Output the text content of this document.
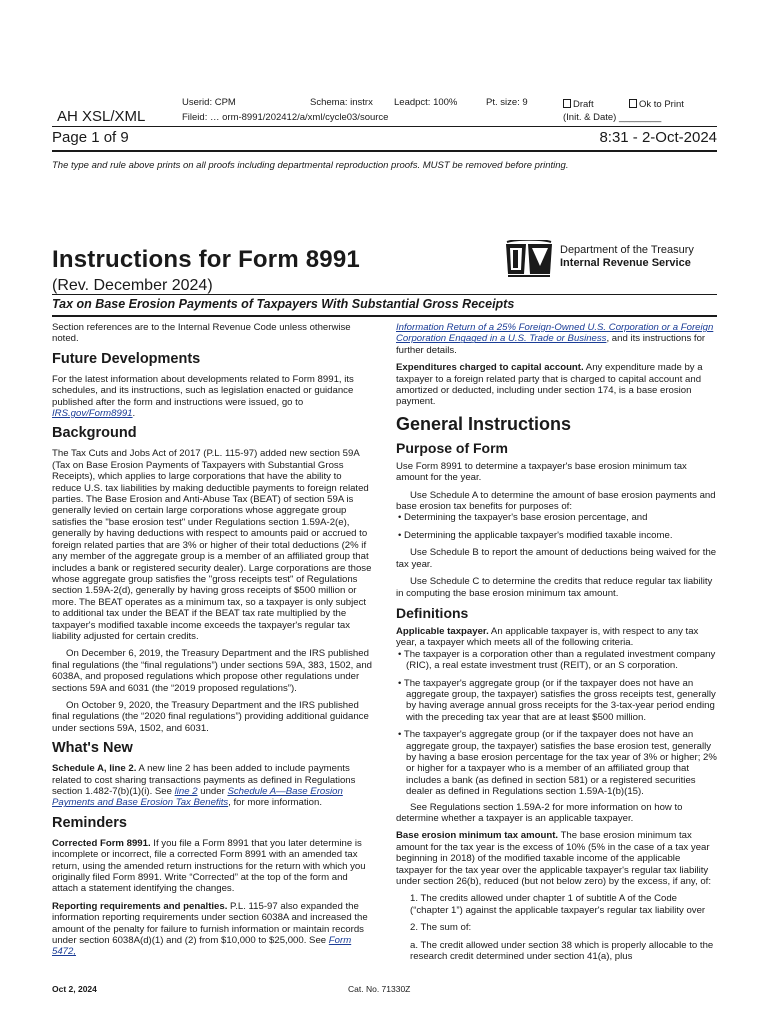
Userid: CPM	Schema: instrx Leadpct: 100%	Pt. size: 9	Draft	Ok to Print
(Init. & Date) ________
AH XSL/XML	Fileid: … orm-8991/202412/a/xml/cycle03/source
Page 1 of 9	8:31 - 2-Oct-2024
The type and rule above prints on all proofs including departmental reproduction proofs. MUST be removed before printing.
Instructions for Form 8991
(Rev. December 2024)
Department of the Treasury
Internal Revenue Service
Tax on Base Erosion Payments of Taxpayers With Substantial Gross Receipts

Section references are to the Internal Revenue Code unless otherwise noted.

Future Developments

For the latest information about developments related to Form 8991, its schedules, and its instructions, such as legislation enacted or guidance published after the form and instructions were issued, go to IRS.gov/Form8991.

Background

The Tax Cuts and Jobs Act of 2017 (P.L. 115-97) added new section 59A (Tax on Base Erosion Payments of Taxpayers with Substantial Gross Receipts), which applies to large corporations that have the ability to reduce U.S. tax liabilities by making deductible payments to foreign related parties. The Base Erosion and Anti-Abuse Tax (BEAT) of section 59A is generally levied on certain large corporations whose aggregate group satisfies the "base erosion test" under Regulations section 1.59A-2(e), generally by having deductions with respect to amounts paid or accrued to foreign related parties that are 3% or higher of their total deductions (2% if any member of the aggregate group is a member of an affiliated group that includes a bank or registered security dealer). Large corporations are those whose aggregate group satisfies the "gross receipts test" of Regulations section 1.59A-2(d), generally by having gross receipts of $500 million or more. The BEAT operates as a minimum tax, so a taxpayer is only subject to additional tax under the BEAT if the BEAT tax rate multiplied by the taxpayer's modified taxable income exceeds the taxpayer's regular tax liability adjusted for certain credits.

On December 6, 2019, the Treasury Department and the IRS published final regulations (the “final regulations”) under sections 59A, 383, 1502, and 6038A, and proposed regulations which propose other regulations under sections 59A and 6031 (the “2019 proposed regulations”).

On October 9, 2020, the Treasury Department and the IRS published final regulations (the “2020 final regulations”) providing additional guidance under sections 59A, 1502, and 6031.

What's New

Schedule A, line 2. A new line 2 has been added to include payments related to cost sharing transactions payments as defined in Regulations section 1.482-7(b)(1)(i). See line 2 under Schedule A—Base Erosion Payments and Base Erosion Tax Benefits, for more information.

Reminders

Corrected Form 8991. If you file a Form 8991 that you later determine is incomplete or incorrect, file a corrected Form 8991 with an amended tax return, using the amended return instructions for the return with which you originally filed Form 8991. Write “Corrected” at the top of the form and attach a statement identifying the changes.

Reporting requirements and penalties. P.L. 115-97 also expanded the information reporting requirements under section 6038A and increased the amount of the penalty for failure to furnish information or maintain records under section 6038A(d)(1) and (2) from $10,000 to $25,000. See Form 5472,

Information Return of a 25% Foreign-Owned U.S. Corporation or a Foreign Corporation Engaged in a U.S. Trade or Business, and its instructions for further details.

Expenditures charged to capital account. Any expenditure made by a taxpayer to a foreign related party that is charged to capital account and amortized or deducted, including under section 174, is a base erosion payment.

General Instructions
Purpose of Form

Use Form 8991 to determine a taxpayer's base erosion minimum tax amount for the year.

Use Schedule A to determine the amount of base erosion payments and base erosion tax benefits for purposes of:

• Determining the taxpayer's base erosion percentage, and

• Determining the applicable taxpayer's modified taxable income.

Use Schedule B to report the amount of deductions being waived for the tax year.

Use Schedule C to determine the credits that reduce regular tax liability in computing the base erosion minimum tax amount.

Definitions

Applicable taxpayer. An applicable taxpayer is, with respect to any tax year, a taxpayer which meets all of the following criteria.

• The taxpayer is a corporation other than a regulated investment company (RIC), a real estate investment trust (REIT), or an S corporation.

• The taxpayer's aggregate group (or if the taxpayer does not have an aggregate group, the taxpayer) satisfies the gross receipts test, generally by having average annual gross receipts for the 3-tax-year period ending with the preceding tax year that are at least $500 million.

• The taxpayer's aggregate group (or if the taxpayer does not have an aggregate group, the taxpayer) satisfies the base erosion test, generally by having a base erosion percentage for the tax year of 3% or higher; 2% or higher for a taxpayer who is a member of an affiliated group that includes a bank (as defined in section 581) or a registered securities dealer as defined in Regulations section 1.59A-1(b)(15).

See Regulations section 1.59A-2 for more information on how to determine whether a taxpayer is an applicable taxpayer.

Base erosion minimum tax amount. The base erosion minimum tax amount for the tax year is the excess of 10% (5% in the case of a tax year beginning in 2018) of the modified taxable income of the applicable taxpayer for the tax year over the applicable taxpayer's regular tax liability under section 26(b), reduced (but not below zero) by the excess, if any, of:

1. The credits allowed under chapter 1 of subtitle A of the Code (“chapter 1”) against the applicable taxpayer's regular tax liability over

2. The sum of:

a. The credit allowed under section 38 which is properly allocable to the research credit determined under section 41(a), plus

Oct 2, 2024	Cat. No. 71330Z
